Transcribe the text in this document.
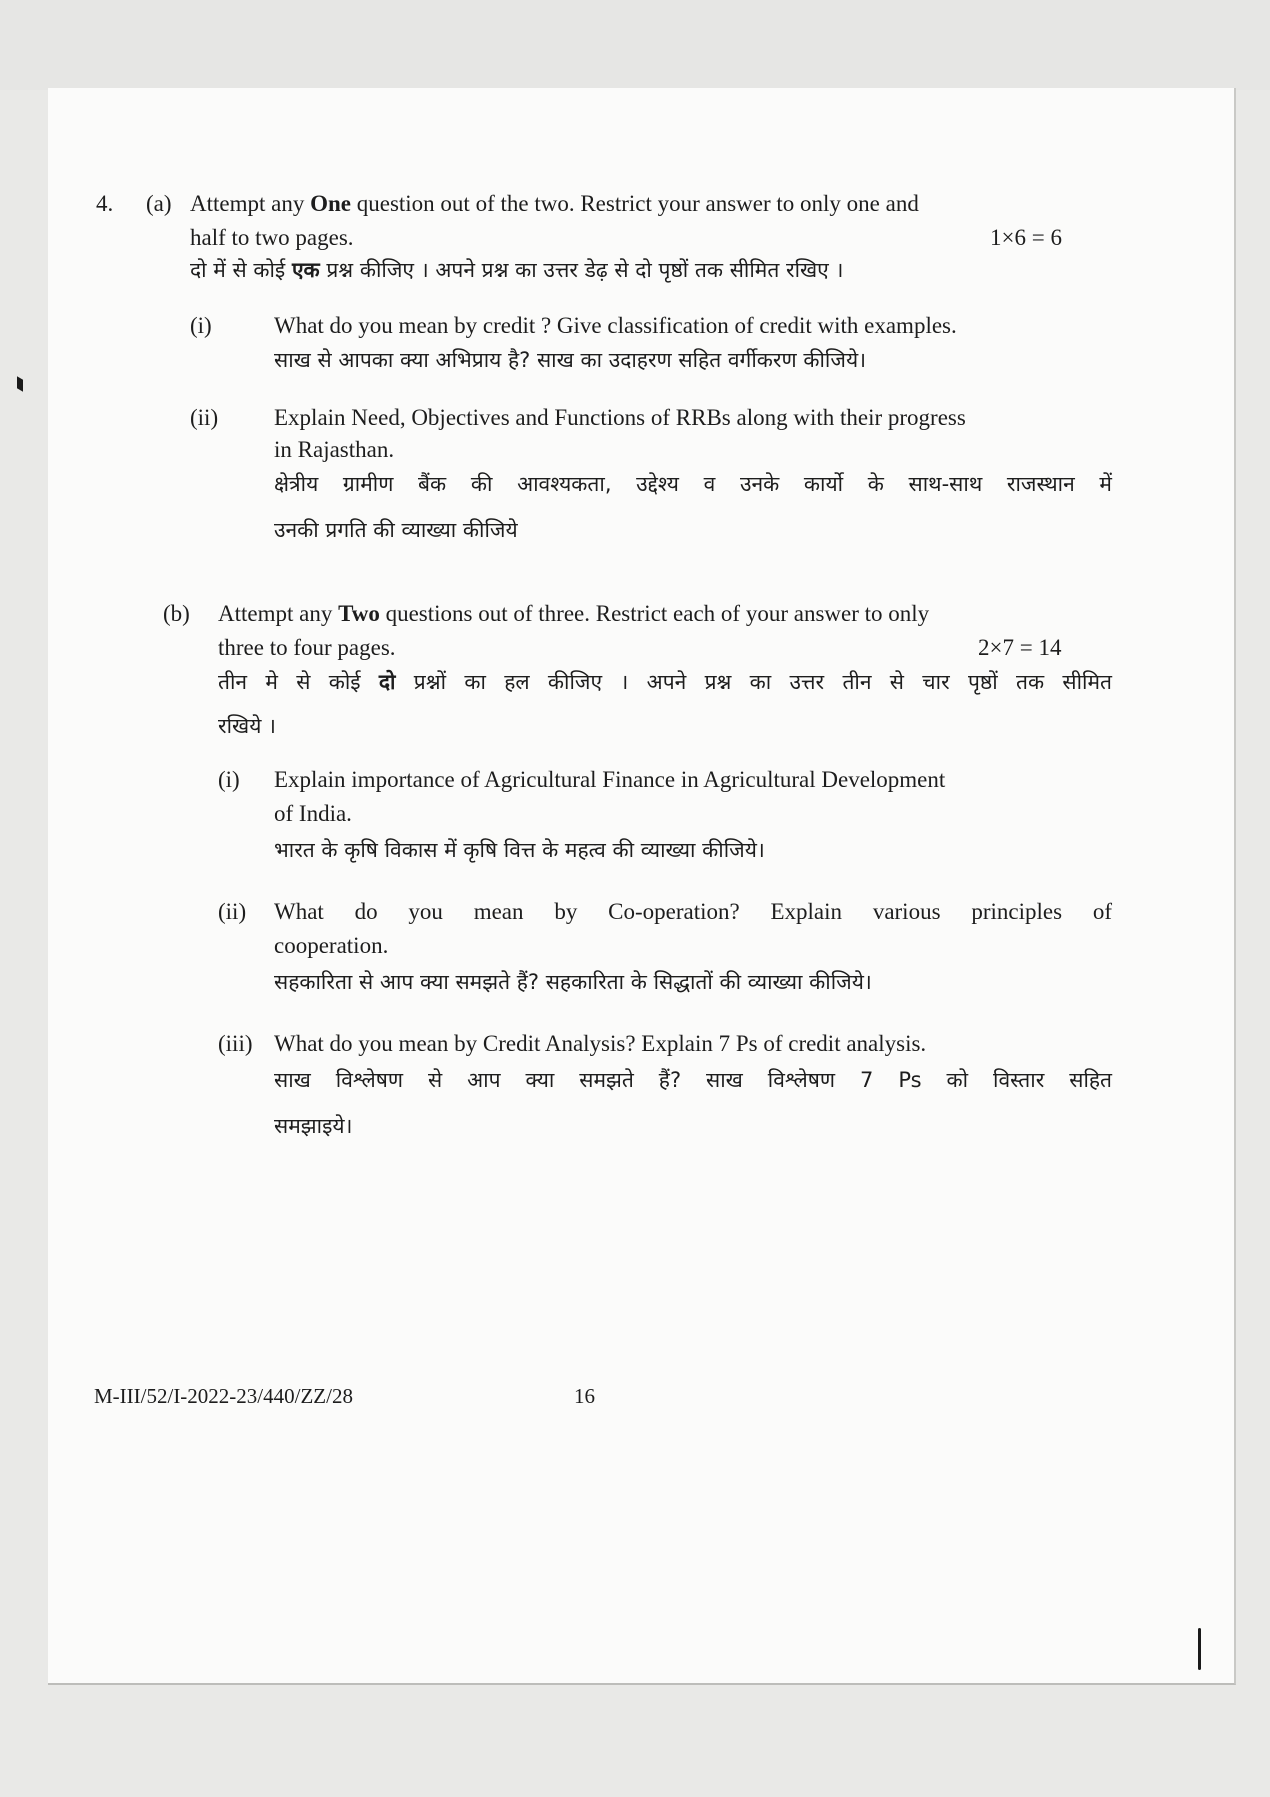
4. (a) Attempt any One question out of the two. Restrict your answer to only one and
half to two pages.	1×6 = 6
दो में से कोई एक प्रश्न कीजिए । अपने प्रश्न का उत्तर डेढ़ से दो पृष्ठों तक सीमित रखिए ।
(i)	What do you mean by credit ? Give classification of credit with examples.
साख से आपका क्या अभिप्राय है? साख का उदाहरण सहित वर्गीकरण कीजिये।
(ii) Explain Need, Objectives and Functions of RRBs along with their progress
in Rajasthan.
क्षेत्रीय ग्रामीण बैंक की आवश्यकता, उद्देश्य व उनके कार्यो के साथ-साथ राजस्थान में
उनकी प्रगति की व्याख्या कीजिये
(b) Attempt any Two questions out of three. Restrict each of your answer to only
three to four pages.	2×7 = 14
तीन मे से कोई दो प्रश्नों का हल कीजिए । अपने प्रश्न का उत्तर तीन से चार पृष्ठों तक सीमित
रखिये ।
(i) Explain importance of Agricultural Finance in Agricultural Development
of India.
भारत के कृषि विकास में कृषि वित्त के महत्व की व्याख्या कीजिये।
(ii) What do you mean by Co-operation? Explain various principles of
cooperation.
सहकारिता से आप क्या समझते हैं? सहकारिता के सिद्धातों की व्याख्या कीजिये।
(iii) What do you mean by Credit Analysis? Explain 7 Ps of credit analysis.
साख विश्लेषण से आप क्या समझते हैं? साख विश्लेषण 7 Ps को विस्तार सहित
समझाइये।
M-III/52/I-2022-23/440/ZZ/28	16
